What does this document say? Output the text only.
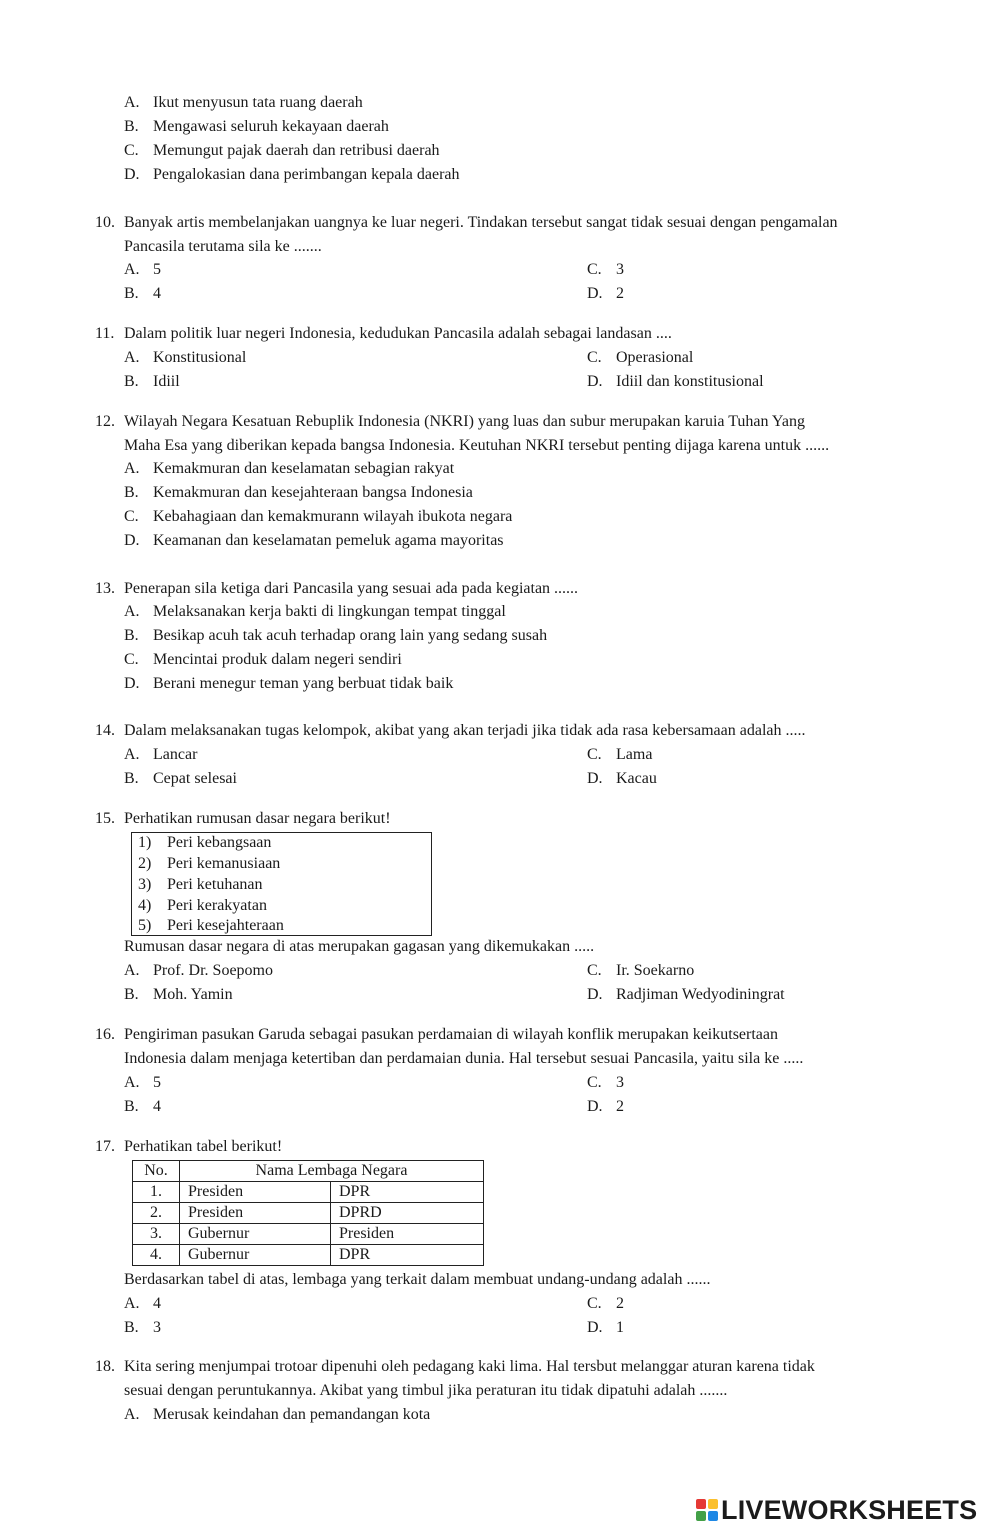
A. Ikut menyusun tata ruang daerah
B. Mengawasi seluruh kekayaan daerah
C. Memungut pajak daerah dan retribusi daerah
D. Pengalokasian dana perimbangan kepala daerah
10. Banyak artis membelanjakan uangnya ke luar negeri. Tindakan tersebut sangat tidak sesuai dengan pengamalan
Pancasila terutama sila ke .......
A. 5	C. 3
B. 4	D. 2
11. Dalam politik luar negeri Indonesia, kedudukan Pancasila adalah sebagai landasan ....
A. Konstitusional	C. Operasional
B. Idiil	D. Idiil dan konstitusional
12. Wilayah Negara Kesatuan Rebuplik Indonesia (NKRI) yang luas dan subur merupakan karuia Tuhan Yang
Maha Esa yang diberikan kepada bangsa Indonesia. Keutuhan NKRI tersebut penting dijaga karena untuk ......
A. Kemakmuran dan keselamatan sebagian rakyat
B. Kemakmuran dan kesejahteraan bangsa Indonesia
C. Kebahagiaan dan kemakmurann wilayah ibukota negara
D. Keamanan dan keselamatan pemeluk agama mayoritas
13. Penerapan sila ketiga dari Pancasila yang sesuai ada pada kegiatan ......
A. Melaksanakan kerja bakti di lingkungan tempat tinggal
B. Besikap acuh tak acuh terhadap orang lain yang sedang susah
C. Mencintai produk dalam negeri sendiri
D. Berani menegur teman yang berbuat tidak baik
14. Dalam melaksanakan tugas kelompok, akibat yang akan terjadi jika tidak ada rasa kebersamaan adalah .....
A. Lancar	C. Lama
B. Cepat selesai	D. Kacau
15. Perhatikan rumusan dasar negara berikut!
1) Peri kebangsaan
2) Peri kemanusiaan
3) Peri ketuhanan
4) Peri kerakyatan
5) Peri kesejahteraan
Rumusan dasar negara di atas merupakan gagasan yang dikemukakan .....
A. Prof. Dr. Soepomo	C. Ir. Soekarno
B. Moh. Yamin	D. Radjiman Wedyodiningrat
16. Pengiriman pasukan Garuda sebagai pasukan perdamaian di wilayah konflik merupakan keikutsertaan
Indonesia dalam menjaga ketertiban dan perdamaian dunia. Hal tersebut sesuai Pancasila, yaitu sila ke .....
A. 5	C. 3
B. 4	D. 2
17. Perhatikan tabel berikut!
No.	Nama Lembaga Negara	
1.	Presiden	DPR
2.	Presiden	DPRD
3.	Gubernur	Presiden
4.	Gubernur	DPR
Berdasarkan tabel di atas, lembaga yang terkait dalam membuat undang-undang adalah ......
A. 4	C. 2
B. 3	D. 1
18. Kita sering menjumpai trotoar dipenuhi oleh pedagang kaki lima. Hal tersbut melanggar aturan karena tidak
sesuai dengan peruntukannya. Akibat yang timbul jika peraturan itu tidak dipatuhi adalah .......
A. Merusak keindahan dan pemandangan kota
LIVEWORKSHEETS
